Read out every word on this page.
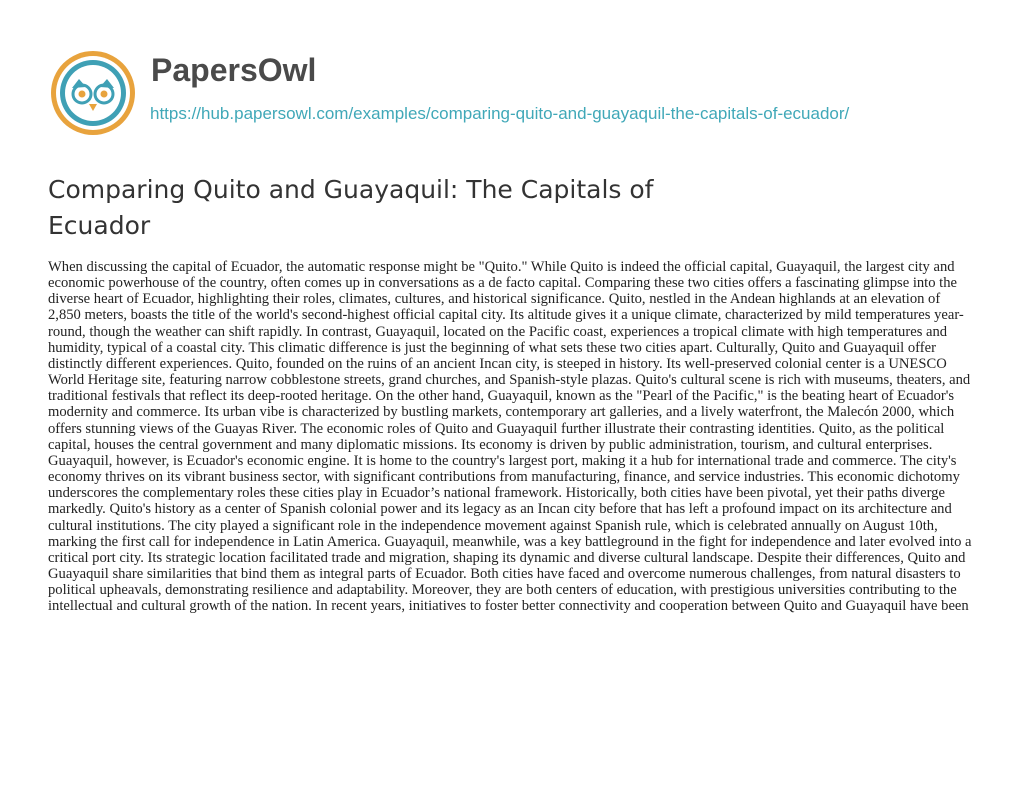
PapersOwl
https://hub.papersowl.com/examples/comparing-quito-and-guayaquil-the-capitals-of-ecuador/
Comparing Quito and Guayaquil: The Capitals of Ecuador

When discussing the capital of Ecuador, the automatic response might be "Quito." While Quito is indeed the official capital, Guayaquil, the largest city and economic powerhouse of the country, often comes up in conversations as a de facto capital. Comparing these two cities offers a fascinating glimpse into the diverse heart of Ecuador, highlighting their roles, climates, cultures, and historical significance. Quito, nestled in the Andean highlands at an elevation of 2,850 meters, boasts the title of the world's second-highest official capital city. Its altitude gives it a unique climate, characterized by mild temperatures year-round, though the weather can shift rapidly. In contrast, Guayaquil, located on the Pacific coast, experiences a tropical climate with high temperatures and humidity, typical of a coastal city. This climatic difference is just the beginning of what sets these two cities apart. Culturally, Quito and Guayaquil offer distinctly different experiences. Quito, founded on the ruins of an ancient Incan city, is steeped in history. Its well-preserved colonial center is a UNESCO World Heritage site, featuring narrow cobblestone streets, grand churches, and Spanish-style plazas. Quito's cultural scene is rich with museums, theaters, and traditional festivals that reflect its deep-rooted heritage. On the other hand, Guayaquil, known as the "Pearl of the Pacific," is the beating heart of Ecuador's modernity and commerce. Its urban vibe is characterized by bustling markets, contemporary art galleries, and a lively waterfront, the Malecón 2000, which offers stunning views of the Guayas River. The economic roles of Quito and Guayaquil further illustrate their contrasting identities. Quito, as the political capital, houses the central government and many diplomatic missions. Its economy is driven by public administration, tourism, and cultural enterprises. Guayaquil, however, is Ecuador's economic engine. It is home to the country's largest port, making it a hub for international trade and commerce. The city's economy thrives on its vibrant business sector, with significant contributions from manufacturing, finance, and service industries. This economic dichotomy underscores the complementary roles these cities play in Ecuador’s national framework. Historically, both cities have been pivotal, yet their paths diverge markedly. Quito's history as a center of Spanish colonial power and its legacy as an Incan city before that has left a profound impact on its architecture and cultural institutions. The city played a significant role in the independence movement against Spanish rule, which is celebrated annually on August 10th, marking the first call for independence in Latin America. Guayaquil, meanwhile, was a key battleground in the fight for independence and later evolved into a critical port city. Its strategic location facilitated trade and migration, shaping its dynamic and diverse cultural landscape. Despite their differences, Quito and Guayaquil share similarities that bind them as integral parts of Ecuador. Both cities have faced and overcome numerous challenges, from natural disasters to political upheavals, demonstrating resilience and adaptability. Moreover, they are both centers of education, with prestigious universities contributing to the intellectual and cultural growth of the nation. In recent years, initiatives to foster better connectivity and cooperation between Quito and Guayaquil have been
